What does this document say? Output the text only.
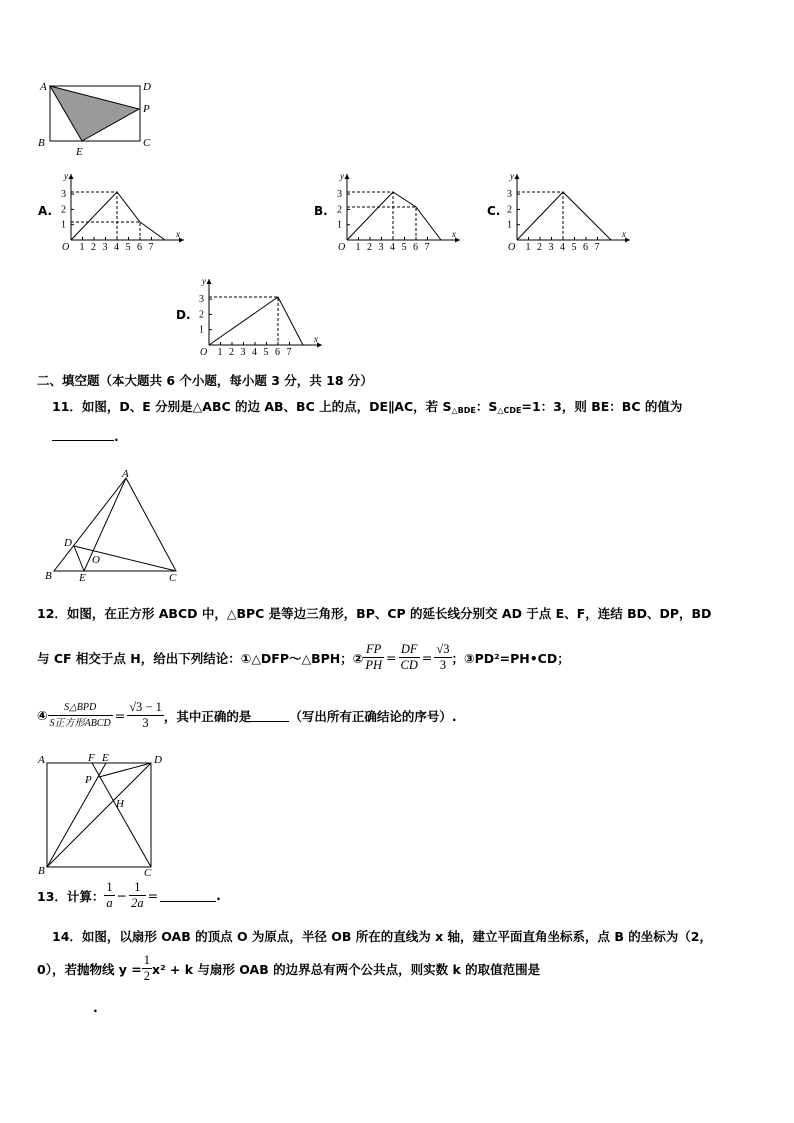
A	D
P
B
E
C
A.	B.	C.
D.
y
x
O 1 2 3 4 5 6 7
1
2
3
y
x
O 1 2 3 4 5 6 7
1
2
3
y
x
O 1 2 3 4 5 6 7
1
2
3
y
x
O 1 2 3 4 5 6 7
1
2
3
二、填空题（本大题共 6 个小题，每小题 3 分，共 18 分）
11．如图，D、E 分别是△ABC 的边 AB、BC 上的点，DE∥AC，若 S△BDE：S△CDE=1：3，则 BE：BC 的值为
.
A
D
O
B E	C
12．如图，在正方形 ABCD 中，△BPC 是等边三角形，BP、CP 的延长线分别交 AD 于点 E、F，连结 BD、DP，BD
与 CF 相交于点 H，给出下列结论：①△DFP～△BPH；② $\frac{FP}{PH} = \frac{DF}{CD} = \frac{√3}{3}$ ；③PD²=PH•CD；
④ $\frac{\text{S△BPD}}{\text{S正方形ABCD}} = \frac{√3 - 1}{3}$ ，其中正确的是	（写出所有正确结论的序号）.
A	F E	D
P
H
B	C
13．计算： $\frac{1}{a} - \frac{1}{2a}$ =	.
14．如图，以扇形 OAB 的顶点 O 为原点，半径 OB 所在的直线为 x 轴，建立平面直角坐标系，点 B 的坐标为（2，
0），若抛物线 $y = \frac{1}{2} x^2 + k$ 与扇形 OAB 的边界总有两个公共点，则实数 k 的取值范围是
.
